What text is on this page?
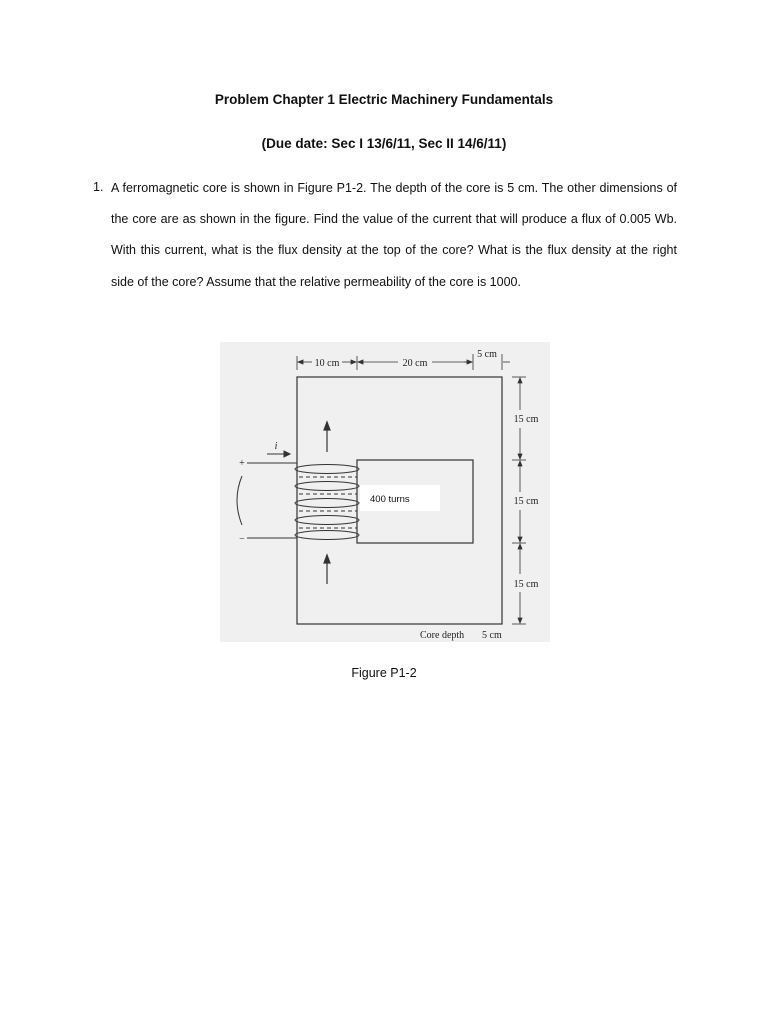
Problem Chapter 1 Electric Machinery Fundamentals
(Due date: Sec I 13/6/11, Sec II 14/6/11)
1. A ferromagnetic core is shown in Figure P1-2. The depth of the core is 5 cm. The other dimensions of the core are as shown in the figure. Find the value of the current that will produce a flux of 0.005 Wb. With this current, what is the flux density at the top of the core? What is the flux density at the right side of the core? Assume that the relative permeability of the core is 1000.

10 cm	20 cm
5 cm
15 cm
15 cm
15 cm
i
+
−
400 turns
Core depth 5 cm
Figure P1-2
